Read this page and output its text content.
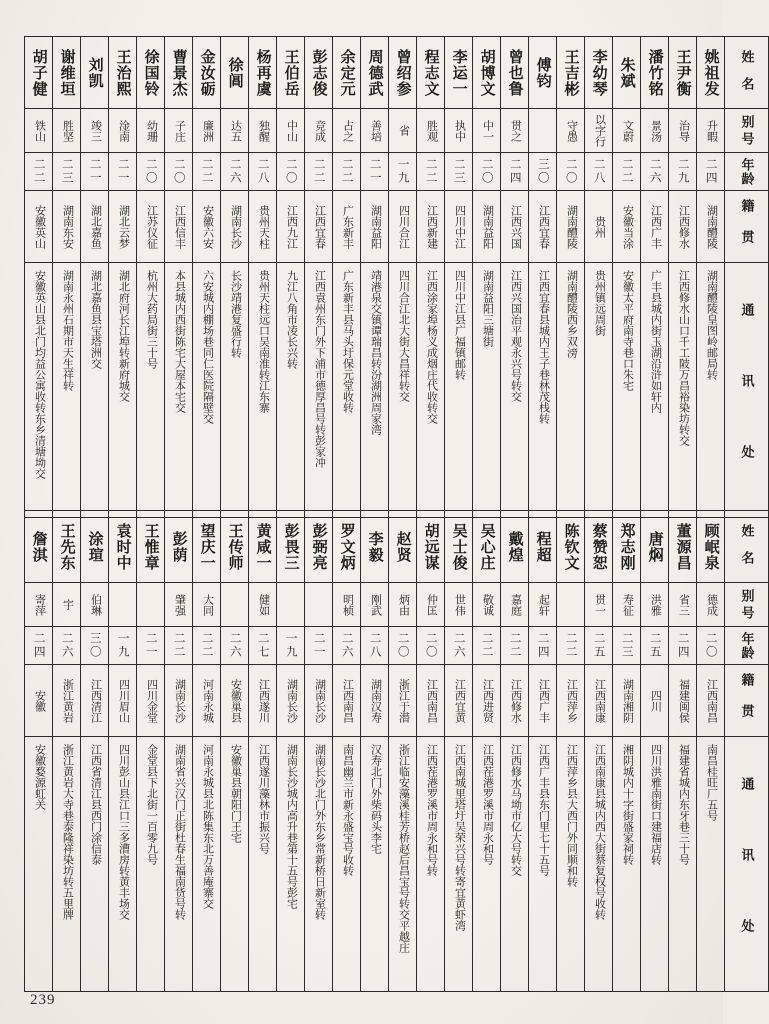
姓名	姚祖发	王尹衡	潘竹铭	朱斌	李幼琴	王吉彬	傅钧	曾也鲁	胡博文	李运一	程志文	曾绍参	周德武	余定元	彭志俊	王伯岳	杨再虞	徐阊	金汝砺	曹景杰	徐国铃	王治熙	刘凯	谢维垣	胡子健
别号	升暇	治导	景汤	文蔚	以字行	守愚		贯之	中一	执中	胜观	省	善培	占之	竞成	中山	独醒	达五	廉洲	子庄	幼珊	淦南	竣三	胜坚	铁山
年龄	二四	二九	二六	二二	二八	二〇	三〇	二四	二〇	二三	二二	一九	二一	二二	二二	二〇	二八	二六	二二	二〇	二〇	二一	二一	二三	二二
籍贯	湖南醴陵	江西修水	江西广丰	安徽当涂	贵州	湖南醴陵	江西宜春	江西兴国	湖南益阳	四川中江	江西新建	四川合江	湖南益阳	广东新丰	江西宜春	江西九江	贵州天柱	湖南长沙	安徽六安	江西信丰	江苏仪征	湖北云梦	湖北嘉鱼	湖南东安	安徽英山
通讯处	湖南醴陵皇图岭邮局转	江西修水山口千工陂万昌裕染坊转交	广丰县城内街玉湖沿浒如轩内	安徽太平府南寺巷口朱宅	贵州镇远周街	湖南醴陵西乡双滂	江西宜春县城内王子巷林茂栈转	江西兴国治平观永兴号转交	湖南益阳三塘街	四川中江县广福镇邮转	江西涂家埠杨义成烟庄代收转交	四川合江北大街大昌祥转交	靖港泉交镇谭瑞昌转汾湖洲周家湾	广东新丰县马头圩保元堂收转	江西袁州东门外下浦市德厚昌号转彭家冲	九江八角市凌长兴转	贵州天柱远口吴南淮转江东寨	长沙靖港复盛行转	六安城内棚场巷同仁医院隔壁交	本县城内西街陈宅大屋本宅交	杭州大药局街三十号	湖北府河长江埠转新府城交	湖北嘉鱼县宝塔洲交	湖南永州石期市天生祥转	安徽英山县北门均益公寓收转东乡清塘坳交
姓名	顾岷泉	董源昌	唐焖	郑志刚	蔡赞恕	陈钦文	程超	戴煌	吴心庄	吴士俊	胡远谋	赵贤	李毅	罗文炳	彭弼亮	彭畏三	黄咸一	王传师	望庆一	彭荫	王惟章	袁时中	涂瑄	王先东	詹淇
别号	德成	省三	洪雅	寿征	贯一		起轩	嘉庭	敬诚	世伟	仲匡	炳由	刚武	明桢			健如		大同	肇强			伯琳	宇	寄萍
年龄	二〇	二四	二五	二三	二五	二二	二四	二二	二二	二六	二〇	二〇	二八	二六	二一	一九	二七	二六	二二	二二	二一	一九	三〇	二六	二四
籍贯	江西南昌	福建闽侯	四川	湖南湘阴	江西南康	江西萍乡	江西广丰	江西修水	江西进贤	江西宜黄	江西南昌	浙江于潜	湖南汉寿	江西南昌	湖南长沙	湖南长沙	江西遂川	安徽巢县	河南永城	湖南长沙	四川金堂	四川眉山	江西清江	浙江黄岩	安徽
通讯处	南昌桂旺厂五号	福建省城内东牙巷三十号	四川洪雅南街口建福店转	湘阴城内十字街盛家祠转	江西南康县城内西大街蔡复权号收转	江西萍乡县大西门外同顺和转	江西广丰县东门里七十五号	江西修水马坳市亿大号转交	江西茬港罗溪市周永和号	江西南城里塔圩吴荣兴号转寄宜黄虾湾	江西茬港罗溪市周永和号转	浙江临安藻溪桂芳桥赵后昌宝号转交平越庄	汉寿北门外柴码头李宅	南昌幽兰市新永盛宝号收转	湖南长沙北门外东乡常新桥日新室转	湖南长沙城内高升巷第十五号彭宅	江西遂川藻林市振兴号	安徽巢县朝阳门王宅	河南永城县北陈集东北万善庵寨交	湖南省兴汉门正街杜春生福南货号转	金堂县下北街一百零九号	四川彭山县江口三多漕房转黄丰场交	江西省清江县西门涂信泰	浙江黄岩大寺巷泰隆祥染坊转五里牌	安徽婺源虹关
239
